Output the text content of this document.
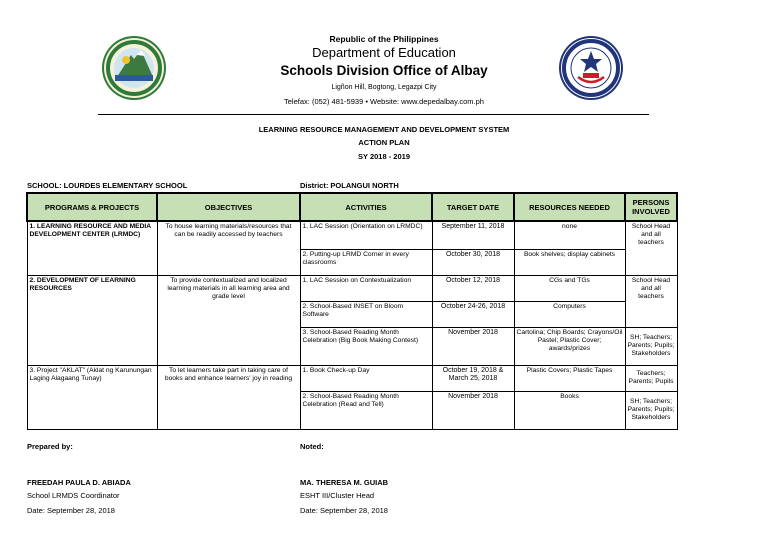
Republic of the Philippines
Department of Education
Schools Division Office of Albay
Ligñon Hill, Bogtong, Legazpi City
Telefax: (052) 481-5939 • Website: www.depedalbay.com.ph
LEARNING RESOURCE MANAGEMENT AND DEVELOPMENT SYSTEM
ACTION PLAN
SY 2018 - 2019
SCHOOL: LOURDES ELEMENTARY SCHOOL	District: POLANGUI NORTH
PROGRAMS & PROJECTS	OBJECTIVES	ACTIVITIES	TARGET DATE	RESOURCES NEEDED	PERSONS INVOLVED
1. LEARNING RESOURCE AND MEDIA DEVELOPMENT CENTER (LRMDC)	To house learning materials/resources that can be readily accessed by teachers	1. LAC Session (Orientation on LRMDC)	September 11, 2018	none	School Head and all teachers
		2. Putting-up LRMD Corner in every classrooms	October 30, 2018	Book shelves; display cabinets	
2. DEVELOPMENT OF LEARNING RESOURCES	To provide contextualized and localized learning materials in all learning area and grade level	1. LAC Session on Contextualization	October 12, 2018	CGs and TGs	School Head and all teachers
		2. School-Based INSET on Bloom Software	October 24-26, 2018	Computers	
		3. School-Based Reading Month Celebration (Big Book Making Contest)	November 2018	Cartolina; Chip Boards; Crayons/Oil Pastel; Plastic Cover; awards/prizes	SH; Teachers; Parents; Pupils; Stakeholders
3. Project "AKLAT" (Aklat ng Karunungan Laging Alagaang Tunay)	To let learners take part in taking care of books and enhance learners' joy in reading	1. Book Check-up Day	October 19, 2018 & March 25, 2018	Plastic Covers; Plastic Tapes	Teachers; Parents; Pupils
		2. School-Based Reading Month Celebration (Read and Tell)	November 2018	Books	SH; Teachers; Parents; Pupils; Stakeholders
Prepared by:	Noted:
FREEDAH PAULA D. ABIADA
School LRMDS Coordinator
Date: September 28, 2018
MA. THERESA M. GUIAB
ESHT III/Cluster Head
Date: September 28, 2018
